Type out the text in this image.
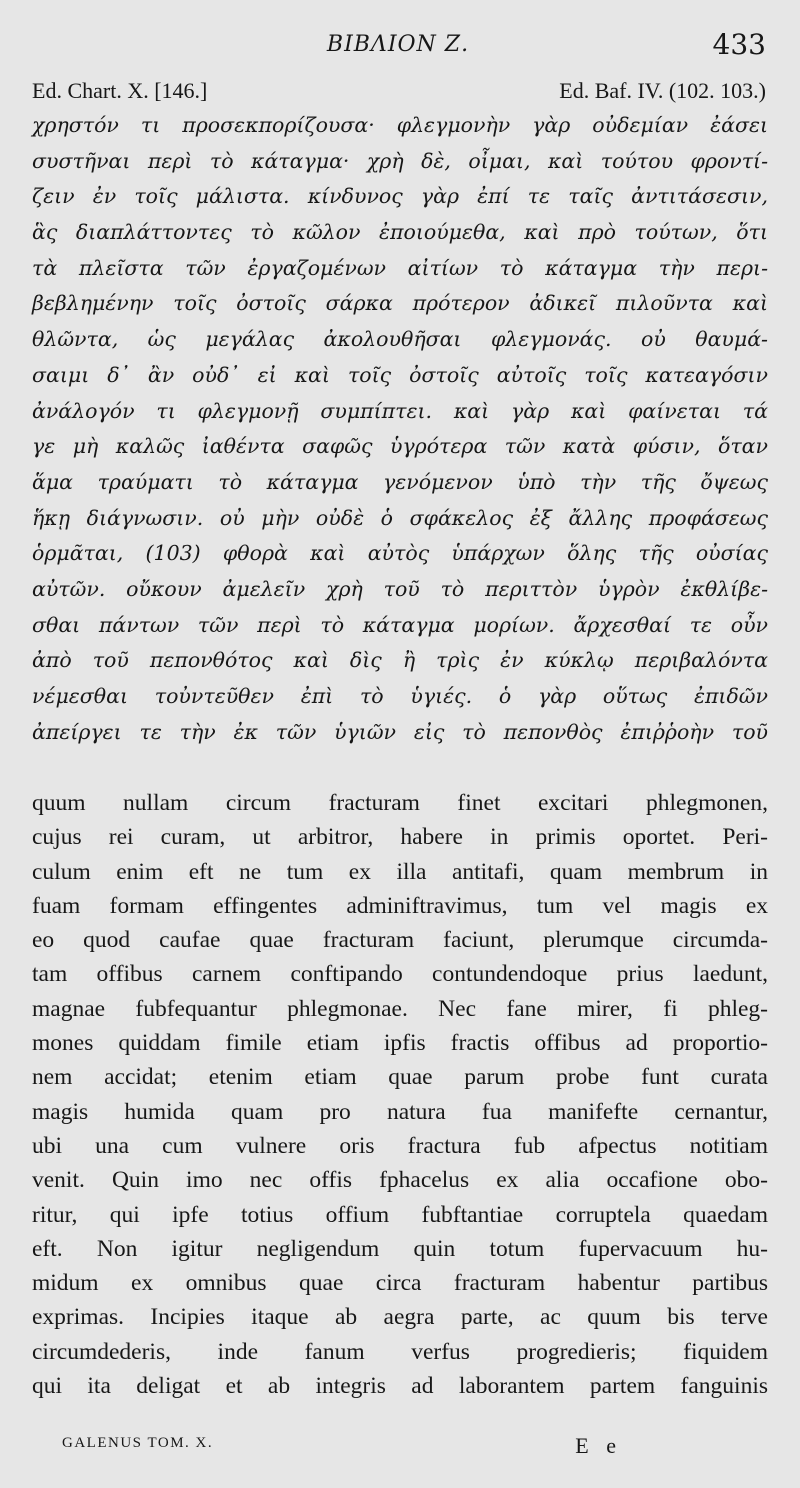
ΒΙΒΛΙΟΝ Ζ.	433
Ed. Chart. X. [146.]	Ed. Baf. IV. (102. 103.)
χρηστόν τι προσεκπορίζουσα· φλεγμονὴν γὰρ οὐδεμίαν ἐάσει
συστῆναι περὶ τὸ κάταγμα· χρὴ δὲ, οἶμαι, καὶ τούτου φροντί-
ζειν ἐν τοῖς μάλιστα. κίνδυνος γὰρ ἐπί τε ταῖς ἀντιτάσεσιν,
ἃς διαπλάττοντες τὸ κῶλον ἐποιούμεθα, καὶ πρὸ τούτων, ὅτι
τὰ πλεῖστα τῶν ἐργαζομένων αἰτίων τὸ κάταγμα τὴν περι-
βεβλημένην τοῖς ὀστοῖς σάρκα πρότερον ἀδικεῖ πιλοῦντα καὶ
θλῶντα, ὡς μεγάλας ἀκολουθῆσαι φλεγμονάς. οὐ θαυμά-
σαιμι δ᾽ ἂν οὐδ᾽ εἰ καὶ τοῖς ὀστοῖς αὐτοῖς τοῖς κατεαγόσιν
ἀνάλογόν τι φλεγμονῇ συμπίπτει. καὶ γὰρ καὶ φαίνεται τά
γε μὴ καλῶς ἰαθέντα σαφῶς ὑγρότερα τῶν κατὰ φύσιν, ὅταν
ἅμα τραύματι τὸ κάταγμα γενόμενον ὑπὸ τὴν τῆς ὄψεως
ἥκῃ διάγνωσιν. οὐ μὴν οὐδὲ ὁ σφάκελος ἐξ ἄλλης προφάσεως
ὁρμᾶται, (103) φθορὰ καὶ αὐτὸς ὑπάρχων ὅλης τῆς οὐσίας
αὐτῶν. οὔκουν ἀμελεῖν χρὴ τοῦ τὸ περιττὸν ὑγρὸν ἐκθλίβε-
σθαι πάντων τῶν περὶ τὸ κάταγμα μορίων. ἄρχεσθαί τε οὖν
ἀπὸ τοῦ πεπονθότος καὶ δὶς ἢ τρὶς ἐν κύκλῳ περιβαλόντα
νέμεσθαι τοὐντεῦθεν ἐπὶ τὸ ὑγιές. ὁ γὰρ οὕτως ἐπιδῶν
ἀπείργει τε τὴν ἐκ τῶν ὑγιῶν εἰς τὸ πεπονθὸς ἐπιῤῥοὴν τοῦ
quum nullam circum fracturam finet excitari phlegmonen,
cujus rei curam, ut arbitror, habere in primis oportet. Peri-
culum enim eft ne tum ex illa antitafi, quam membrum in
fuam formam effingentes adminiftravimus, tum vel magis ex
eo quod caufae quae fracturam faciunt, plerumque circumda-
tam offibus carnem conftipando contundendoque prius laedunt,
magnae fubfequantur phlegmonae. Nec fane mirer, fi phleg-
mones quiddam fimile etiam ipfis fractis offibus ad proportio-
nem accidat; etenim etiam quae parum probe funt curata
magis humida quam pro natura fua manifefte cernantur,
ubi una cum vulnere oris fractura fub afpectus notitiam
venit. Quin imo nec offis fphacelus ex alia occafione obo-
ritur, qui ipfe totius offium fubftantiae corruptela quaedam
eft. Non igitur negligendum quin totum fupervacuum hu-
midum ex omnibus quae circa fracturam habentur partibus
exprimas. Incipies itaque ab aegra parte, ac quum bis terve
circumdederis, inde fanum verfus progredieris; fiquidem
qui ita deligat et ab integris ad laborantem partem fanguinis
GALENUS TOM. X.	E e
